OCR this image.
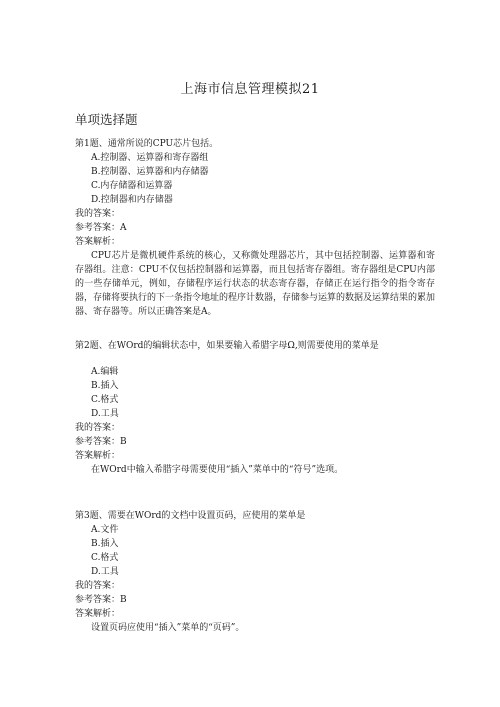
上海市信息管理模拟21
单项选择题
第1题、通常所说的CPU芯片包括。
A.控制器、运算器和寄存器组
B.控制器、运算器和内存储器
C.内存储器和运算器
D.控制器和内存储器
我的答案：
参考答案：A
答案解析：
CPU芯片是微机硬件系统的核心，又称微处理器芯片，其中包括控制器、运算器和寄存器组。注意：CPU不仅包括控制器和运算器，而且包括寄存器组。寄存器组是CPU内部的一些存储单元，例如，存储程序运行状态的状态寄存器，存储正在运行指令的指令寄存器，存储将要执行的下一条指令地址的程序计数器，存储参与运算的数据及运算结果的累加器、寄存器等。所以正确答案是A。
第2题、在WOrd的编辑状态中，如果要输入希腊字母Ω,则需要使用的菜单是
A.编辑
B.插入
C.格式
D.工具
我的答案：
参考答案：B
答案解析：
在WOrd中输入希腊字母需要使用“插入”菜单中的“符号”选项。
第3题、需要在WOrd的文档中设置页码，应使用的菜单是
A.文件
B.插入
C.格式
D.工具
我的答案：
参考答案：B
答案解析：
设置页码应使用“插入”菜单的“页码”。
